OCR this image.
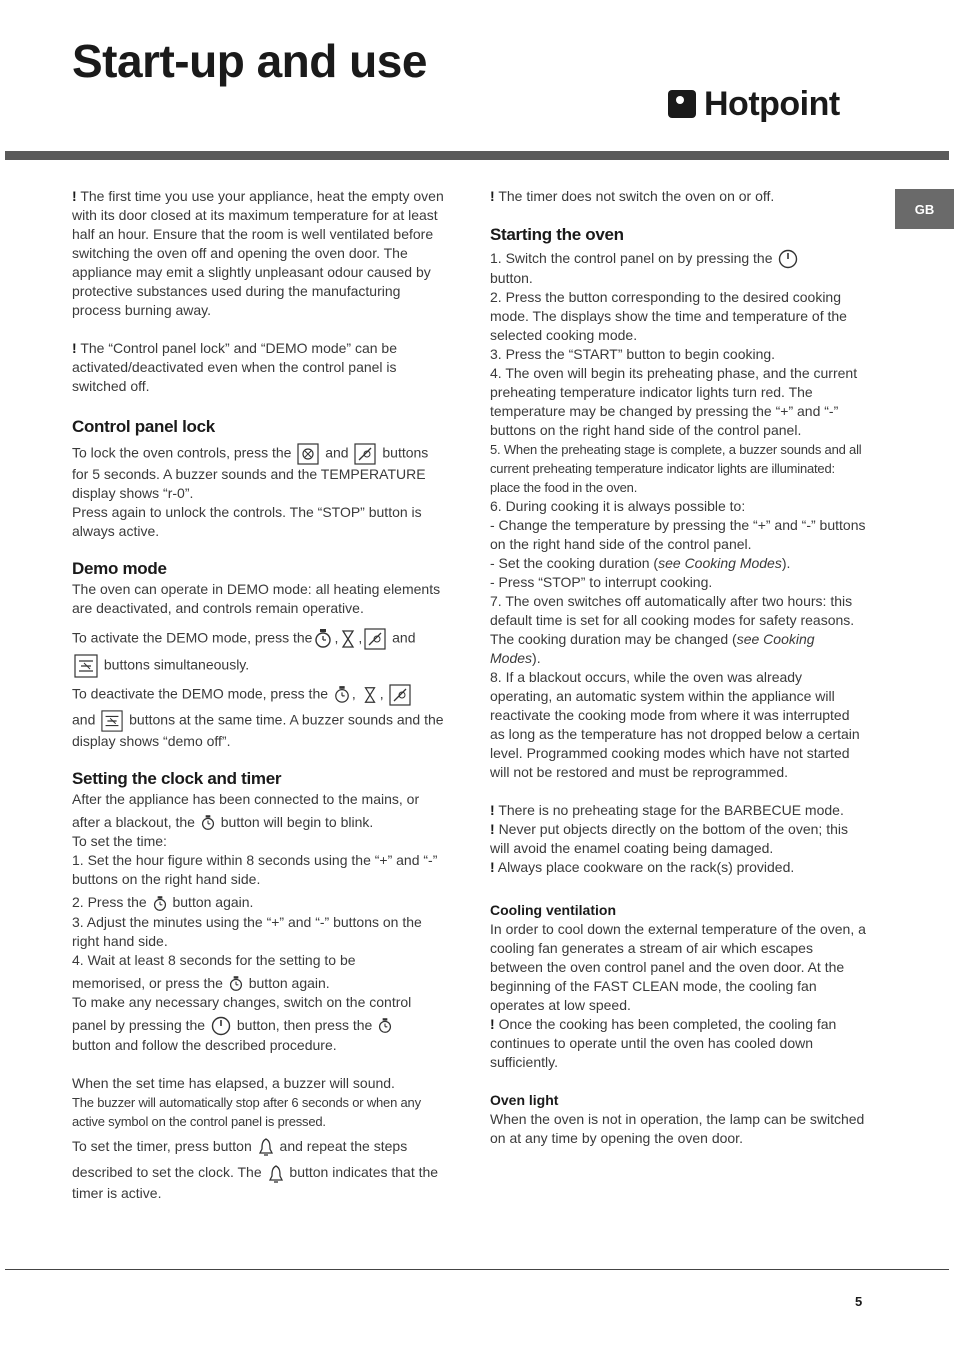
Start-up and use
Hotpoint
GB

! The first time you use your appliance, heat the empty oven with its door closed at its maximum temperature for at least half an hour. Ensure that the room is well ventilated before switching the oven off and opening the oven door. The appliance may emit a slightly unpleasant odour caused by protective substances used during the manufacturing process burning away.

! The “Control panel lock” and “DEMO mode” can be activated/deactivated even when the control panel is switched off.

Control panel lock

To lock the oven controls, press the and buttons for 5 seconds. A buzzer sounds and the TEMPERATURE display shows “r-0”.

Press again to unlock the controls. The “STOP” button is always active.

Demo mode

The oven can operate in DEMO mode: all heating elements are deactivated, and controls remain operative.

To activate the DEMO mode, press the , , and

buttons simultaneously.

To deactivate the DEMO mode, press the , ,

and buttons at the same time. A buzzer sounds and the display shows “demo off”.

Setting the clock and timer

After the appliance has been connected to the mains, or

after a blackout, the button will begin to blink.

To set the time:

1. Set the hour figure within 8 seconds using the “+” and “-” buttons on the right hand side.

2. Press the button again.

3. Adjust the minutes using the “+” and “-” buttons on the right hand side.

4. Wait at least 8 seconds for the setting to be

memorised, or press the button again.

To make any necessary changes, switch on the control

panel by pressing the button, then press the

button and follow the described procedure.

When the set time has elapsed, a buzzer will sound.

The buzzer will automatically stop after 6 seconds or when any active symbol on the control panel is pressed.

To set the timer, press button and repeat the steps

described to set the clock. The button indicates that the timer is active.

! The timer does not switch the oven on or off.

Starting the oven

1. Switch the control panel on by pressing the

button.

2. Press the button corresponding to the desired cooking mode. The displays show the time and temperature of the selected cooking mode.

3. Press the “START” button to begin cooking.

4. The oven will begin its preheating phase, and the current preheating temperature indicator lights turn red. The temperature may be changed by pressing the “+” and “-” buttons on the right hand side of the control panel.

5. When the preheating stage is complete, a buzzer sounds and all current preheating temperature indicator lights are illuminated: place the food in the oven.

6. During cooking it is always possible to:

- Change the temperature by pressing the “+” and “-” buttons on the right hand side of the control panel.

- Set the cooking duration (see Cooking Modes).

- Press “STOP” to interrupt cooking.

7. The oven switches off automatically after two hours: this default time is set for all cooking modes for safety reasons.

The cooking duration may be changed (see Cooking Modes).

8. If a blackout occurs, while the oven was already operating, an automatic system within the appliance will reactivate the cooking mode from where it was interrupted as long as the temperature has not dropped below a certain level. Programmed cooking modes which have not started will not be restored and must be reprogrammed.

! There is no preheating stage for the BARBECUE mode.

! Never put objects directly on the bottom of the oven; this will avoid the enamel coating being damaged.

! Always place cookware on the rack(s) provided.

Cooling ventilation

In order to cool down the external temperature of the oven, a cooling fan generates a stream of air which escapes between the oven control panel and the oven door. At the beginning of the FAST CLEAN mode, the cooling fan operates at low speed.

! Once the cooking has been completed, the cooling fan continues to operate until the oven has cooled down sufficiently.

Oven light

When the oven is not in operation, the lamp can be switched on at any time by opening the oven door.

5
